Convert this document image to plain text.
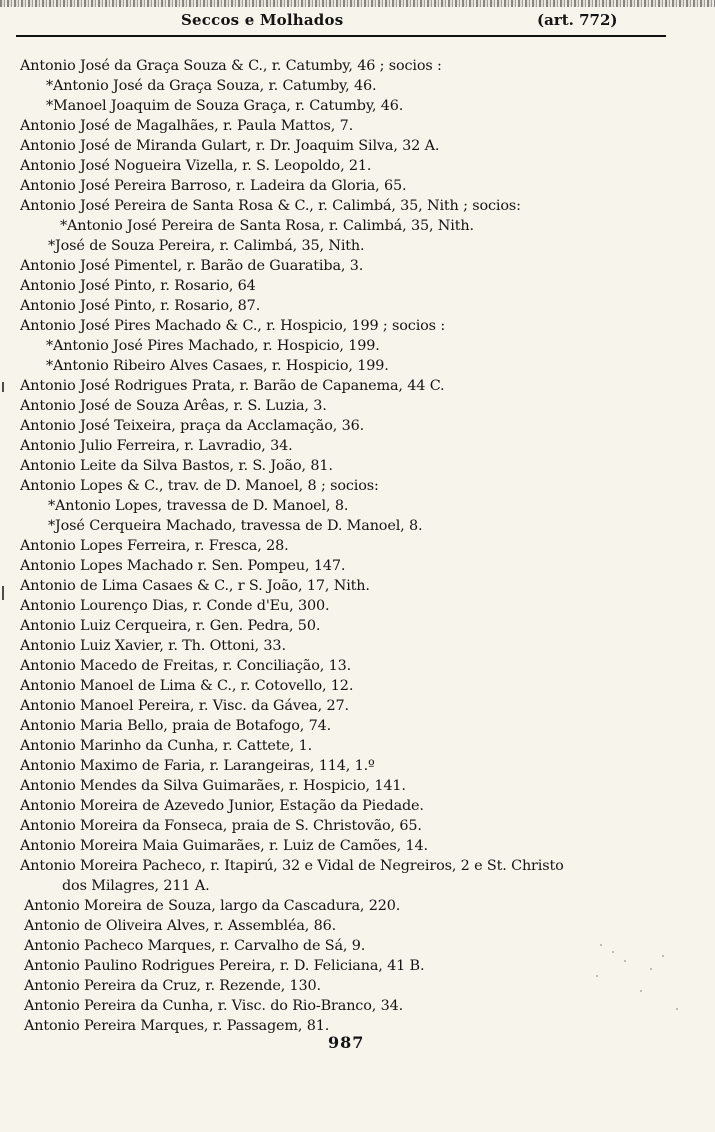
Seccos e Molhados	(art. 772)
Antonio José da Graça Souza & C., r. Catumby, 46 ; socios :
*Antonio José da Graça Souza, r. Catumby, 46.
*Manoel Joaquim de Souza Graça, r. Catumby, 46.
Antonio José de Magalhães, r. Paula Mattos, 7.
Antonio José de Miranda Gulart, r. Dr. Joaquim Silva, 32 A.
Antonio José Nogueira Vizella, r. S. Leopoldo, 21.
Antonio José Pereira Barroso, r. Ladeira da Gloria, 65.
Antonio José Pereira de Santa Rosa & C., r. Calimbá, 35, Nith ; socios:
*Antonio José Pereira de Santa Rosa, r. Calimbá, 35, Nith.
*José de Souza Pereira, r. Calimbá, 35, Nith.
Antonio José Pimentel, r. Barão de Guaratiba, 3.
Antonio José Pinto, r. Rosario, 64
Antonio José Pinto, r. Rosario, 87.
Antonio José Pires Machado & C., r. Hospicio, 199 ; socios :
*Antonio José Pires Machado, r. Hospicio, 199.
*Antonio Ribeiro Alves Casaes, r. Hospicio, 199.
Antonio José Rodrigues Prata, r. Barão de Capanema, 44 C.
Antonio José de Souza Arêas, r. S. Luzia, 3.
Antonio José Teixeira, praça da Acclamação, 36.
Antonio Julio Ferreira, r. Lavradio, 34.
Antonio Leite da Silva Bastos, r. S. João, 81.
Antonio Lopes & C., trav. de D. Manoel, 8 ; socios:
*Antonio Lopes, travessa de D. Manoel, 8.
*José Cerqueira Machado, travessa de D. Manoel, 8.
Antonio Lopes Ferreira, r. Fresca, 28.
Antonio Lopes Machado r. Sen. Pompeu, 147.
Antonio de Lima Casaes & C., r S. João, 17, Nith.
Antonio Lourenço Dias, r. Conde d'Eu, 300.
Antonio Luiz Cerqueira, r. Gen. Pedra, 50.
Antonio Luiz Xavier, r. Th. Ottoni, 33.
Antonio Macedo de Freitas, r. Conciliação, 13.
Antonio Manoel de Lima & C., r. Cotovello, 12.
Antonio Manoel Pereira, r. Visc. da Gávea, 27.
Antonio Maria Bello, praia de Botafogo, 74.
Antonio Marinho da Cunha, r. Cattete, 1.
Antonio Maximo de Faria, r. Larangeiras, 114, 1.º
Antonio Mendes da Silva Guimarães, r. Hospicio, 141.
Antonio Moreira de Azevedo Junior, Estação da Piedade.
Antonio Moreira da Fonseca, praia de S. Christovão, 65.
Antonio Moreira Maia Guimarães, r. Luiz de Camões, 14.
Antonio Moreira Pacheco, r. Itapirú, 32 e Vidal de Negreiros, 2 e St. Christo
dos Milagres, 211 A.
Antonio Moreira de Souza, largo da Cascadura, 220.
Antonio de Oliveira Alves, r. Assembléa, 86.
Antonio Pacheco Marques, r. Carvalho de Sá, 9.
Antonio Paulino Rodrigues Pereira, r. D. Feliciana, 41 B.
Antonio Pereira da Cruz, r. Rezende, 130.
Antonio Pereira da Cunha, r. Visc. do Rio-Branco, 34.
Antonio Pereira Marques, r. Passagem, 81.
987
